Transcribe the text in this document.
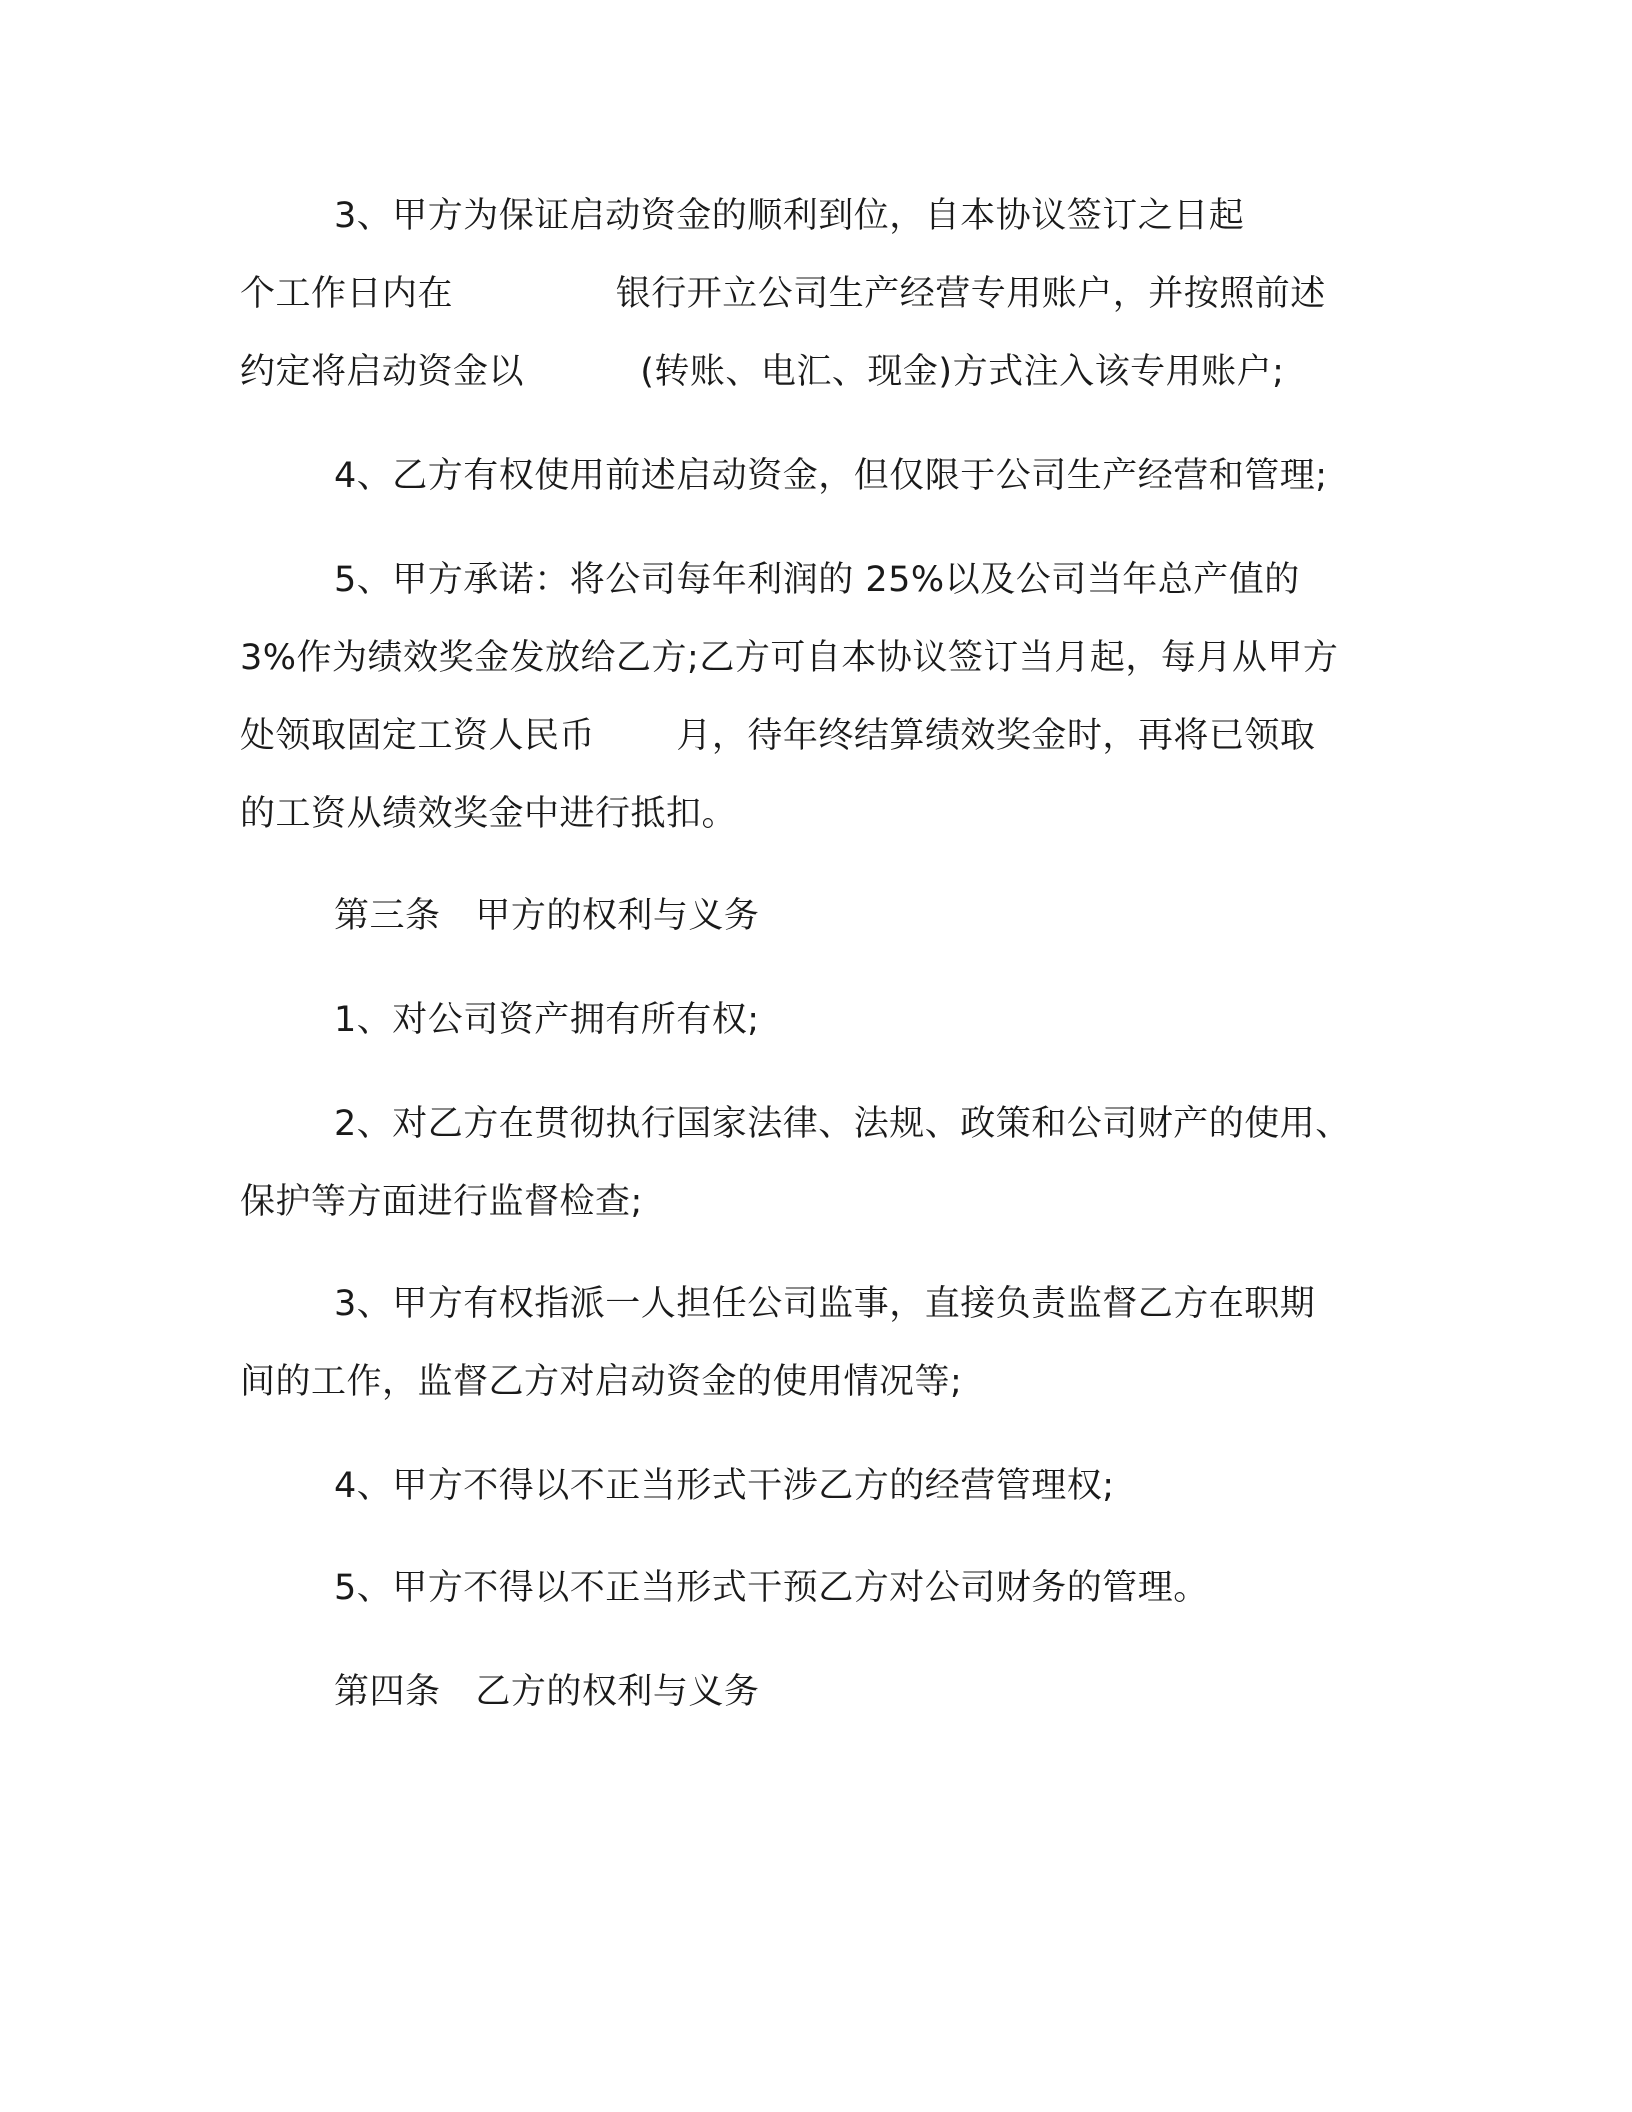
3、甲方为保证启动资金的顺利到位，自本协议签订之日起
个工作日内在              银行开立公司生产经营专用账户，并按照前述
约定将启动资金以          (转账、电汇、现金)方式注入该专用账户;
4、乙方有权使用前述启动资金，但仅限于公司生产经营和管理;
5、甲方承诺：将公司每年利润的 25%以及公司当年总产值的
3%作为绩效奖金发放给乙方;乙方可自本协议签订当月起，每月从甲方
处领取固定工资人民币       月，待年终结算绩效奖金时，再将已领取
的工资从绩效奖金中进行抵扣。
第三条   甲方的权利与义务
1、对公司资产拥有所有权;
2、对乙方在贯彻执行国家法律、法规、政策和公司财产的使用、
保护等方面进行监督检查;
3、甲方有权指派一人担任公司监事，直接负责监督乙方在职期
间的工作，监督乙方对启动资金的使用情况等;
4、甲方不得以不正当形式干涉乙方的经营管理权;
5、甲方不得以不正当形式干预乙方对公司财务的管理。
第四条   乙方的权利与义务
